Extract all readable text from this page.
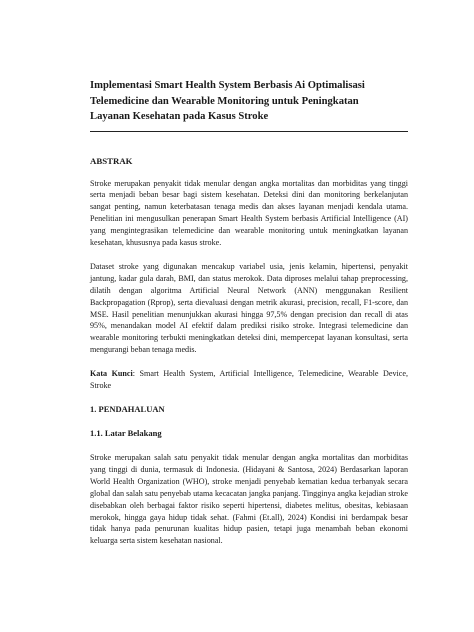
Implementasi Smart Health System Berbasis Ai Optimalisasi
Telemedicine dan Wearable Monitoring untuk Peningkatan
Layanan Kesehatan pada Kasus Stroke
ABSTRAK

Stroke merupakan penyakit tidak menular dengan angka mortalitas dan morbiditas yang tinggi serta menjadi beban besar bagi sistem kesehatan. Deteksi dini dan monitoring berkelanjutan sangat penting, namun keterbatasan tenaga medis dan akses layanan menjadi kendala utama. Penelitian ini mengusulkan penerapan Smart Health System berbasis Artificial Intelligence (AI) yang mengintegrasikan telemedicine dan wearable monitoring untuk meningkatkan layanan kesehatan, khususnya pada kasus stroke.

Dataset stroke yang digunakan mencakup variabel usia, jenis kelamin, hipertensi, penyakit jantung, kadar gula darah, BMI, dan status merokok. Data diproses melalui tahap preprocessing, dilatih dengan algoritma Artificial Neural Network (ANN) menggunakan Resilient Backpropagation (Rprop), serta dievaluasi dengan metrik akurasi, precision, recall, F1-score, dan MSE. Hasil penelitian menunjukkan akurasi hingga 97,5% dengan precision dan recall di atas 95%, menandakan model AI efektif dalam prediksi risiko stroke. Integrasi telemedicine dan wearable monitoring terbukti meningkatkan deteksi dini, mempercepat layanan konsultasi, serta mengurangi beban tenaga medis.

Kata Kunci: Smart Health System, Artificial Intelligence, Telemedicine, Wearable Device, Stroke

1. PENDAHALUAN
1.1. Latar Belakang

Stroke merupakan salah satu penyakit tidak menular dengan angka mortalitas dan morbiditas yang tinggi di dunia, termasuk di Indonesia. (Hidayani & Santosa, 2024) Berdasarkan laporan World Health Organization (WHO), stroke menjadi penyebab kematian kedua terbanyak secara global dan salah satu penyebab utama kecacatan jangka panjang. Tingginya angka kejadian stroke disebabkan oleh berbagai faktor risiko seperti hipertensi, diabetes melitus, obesitas, kebiasaan merokok, hingga gaya hidup tidak sehat. (Fahmi (Et.all), 2024) Kondisi ini berdampak besar tidak hanya pada penurunan kualitas hidup pasien, tetapi juga menambah beban ekonomi keluarga serta sistem kesehatan nasional.
